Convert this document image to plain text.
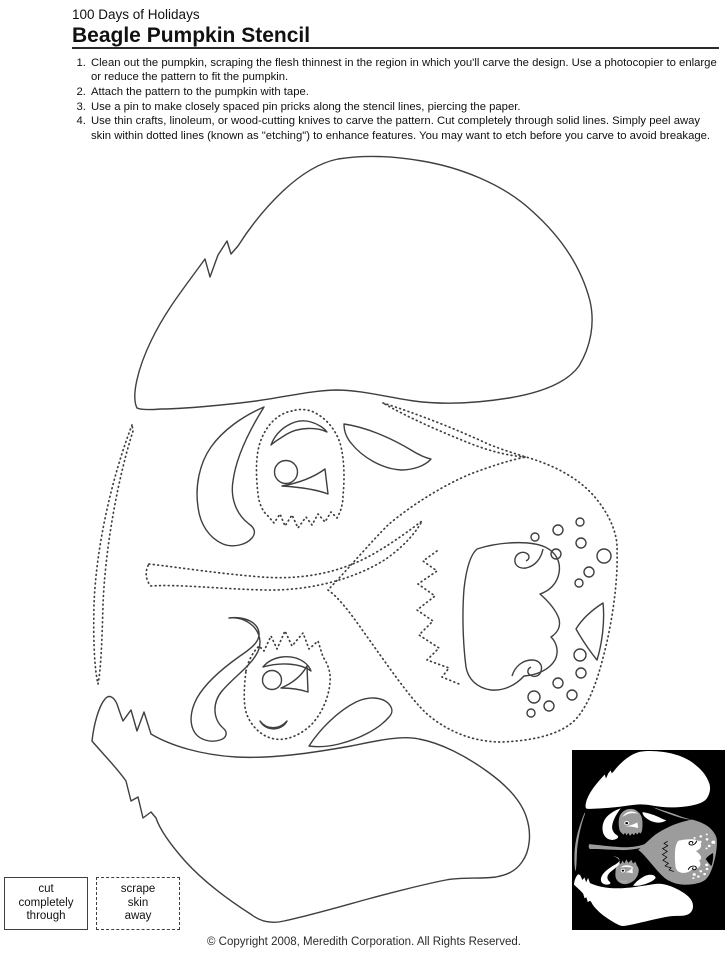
100 Days of Holidays
Beagle Pumpkin Stencil
1. Clean out the pumpkin, scraping the flesh thinnest in the region in which you'll carve the design. Use a photocopier to enlarge or reduce the pattern to fit the pumpkin.
2. Attach the pattern to the pumpkin with tape.
3. Use a pin to make closely spaced pin pricks along the stencil lines, piercing the paper.
4. Use thin crafts, linoleum, or wood-cutting knives to carve the pattern. Cut completely through solid lines. Simply peel away skin within dotted lines (known as "etching") to enhance features. You may want to etch before you carve to avoid breakage.
cut
completely
through
scrape
skin
away
© Copyright 2008, Meredith Corporation. All Rights Reserved.
